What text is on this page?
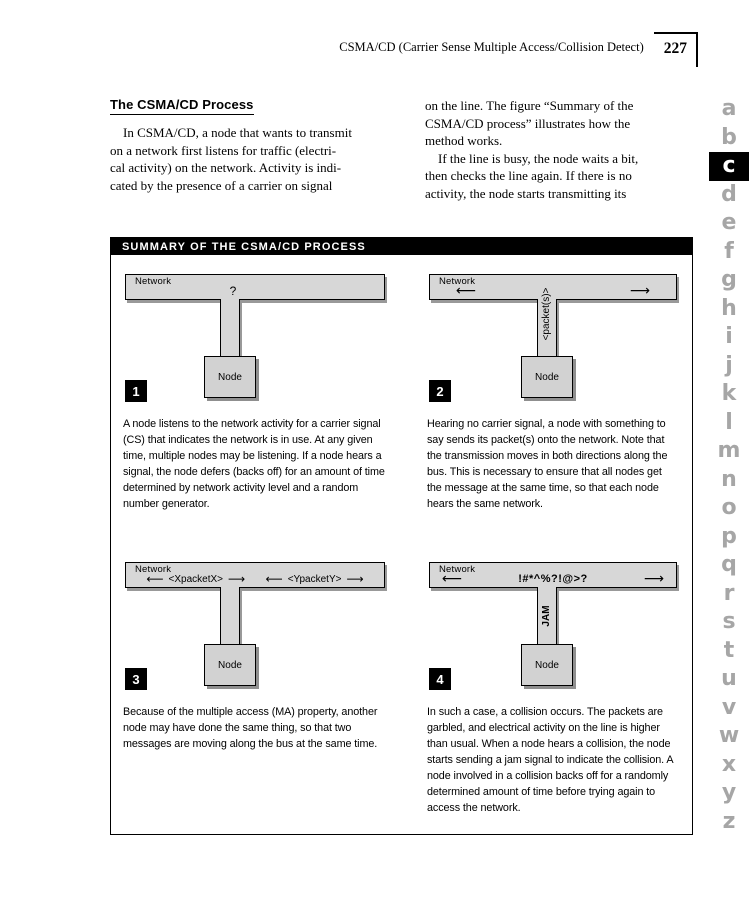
CSMA/CD (Carrier Sense Multiple Access/Collision Detect)	227
The CSMA/CD Process
In CSMA/CD, a node that wants to transmit
on a network first listens for traffic (electri-
cal activity) on the network. Activity is indi-
cated by the presence of a carrier on signal
on the line. The figure “Summary of the
CSMA/CD process” illustrates how the
method works.
If the line is busy, the node waits a bit,
then checks the line again. If there is no
activity, the node starts transmitting its
a
b
c
d
e
f
g
h
i
j
k
l
m
n
o
p
q
r
s
t
u
v
w
x
y
z
SUMMARY OF THE CSMA/CD PROCESS
Network
?
Node
1
A node listens to the network activity for a carrier signal (CS) that indicates the network is in use. At any given time, multiple nodes may be listening. If a node hears a signal, the node defers (backs off) for an amount of time determined by network activity level and a random number generator.
Network
⟵	⟶
<packet(s)>
Node
2
Hearing no carrier signal, a node with something to say sends its packet(s) onto the network. Note that the transmission moves in both directions along the bus. This is necessary to ensure that all nodes get the message at the same time, so that each node hears the same network.
Network
⟵ <XpacketX> ⟶ ⟵ <YpacketY> ⟶
Node
3
Because of the multiple access (MA) property, another node may have done the same thing, so that two messages are moving along the bus at the same time.
Network
⟵	!#*^%?!@>?	⟶
JAM
Node
4
In such a case, a collision occurs. The packets are garbled, and electrical activity on the line is higher than usual. When a node hears a collision, the node starts sending a jam signal to indicate the collision. A node involved in a collision backs off for a randomly determined amount of time before trying again to access the network.
